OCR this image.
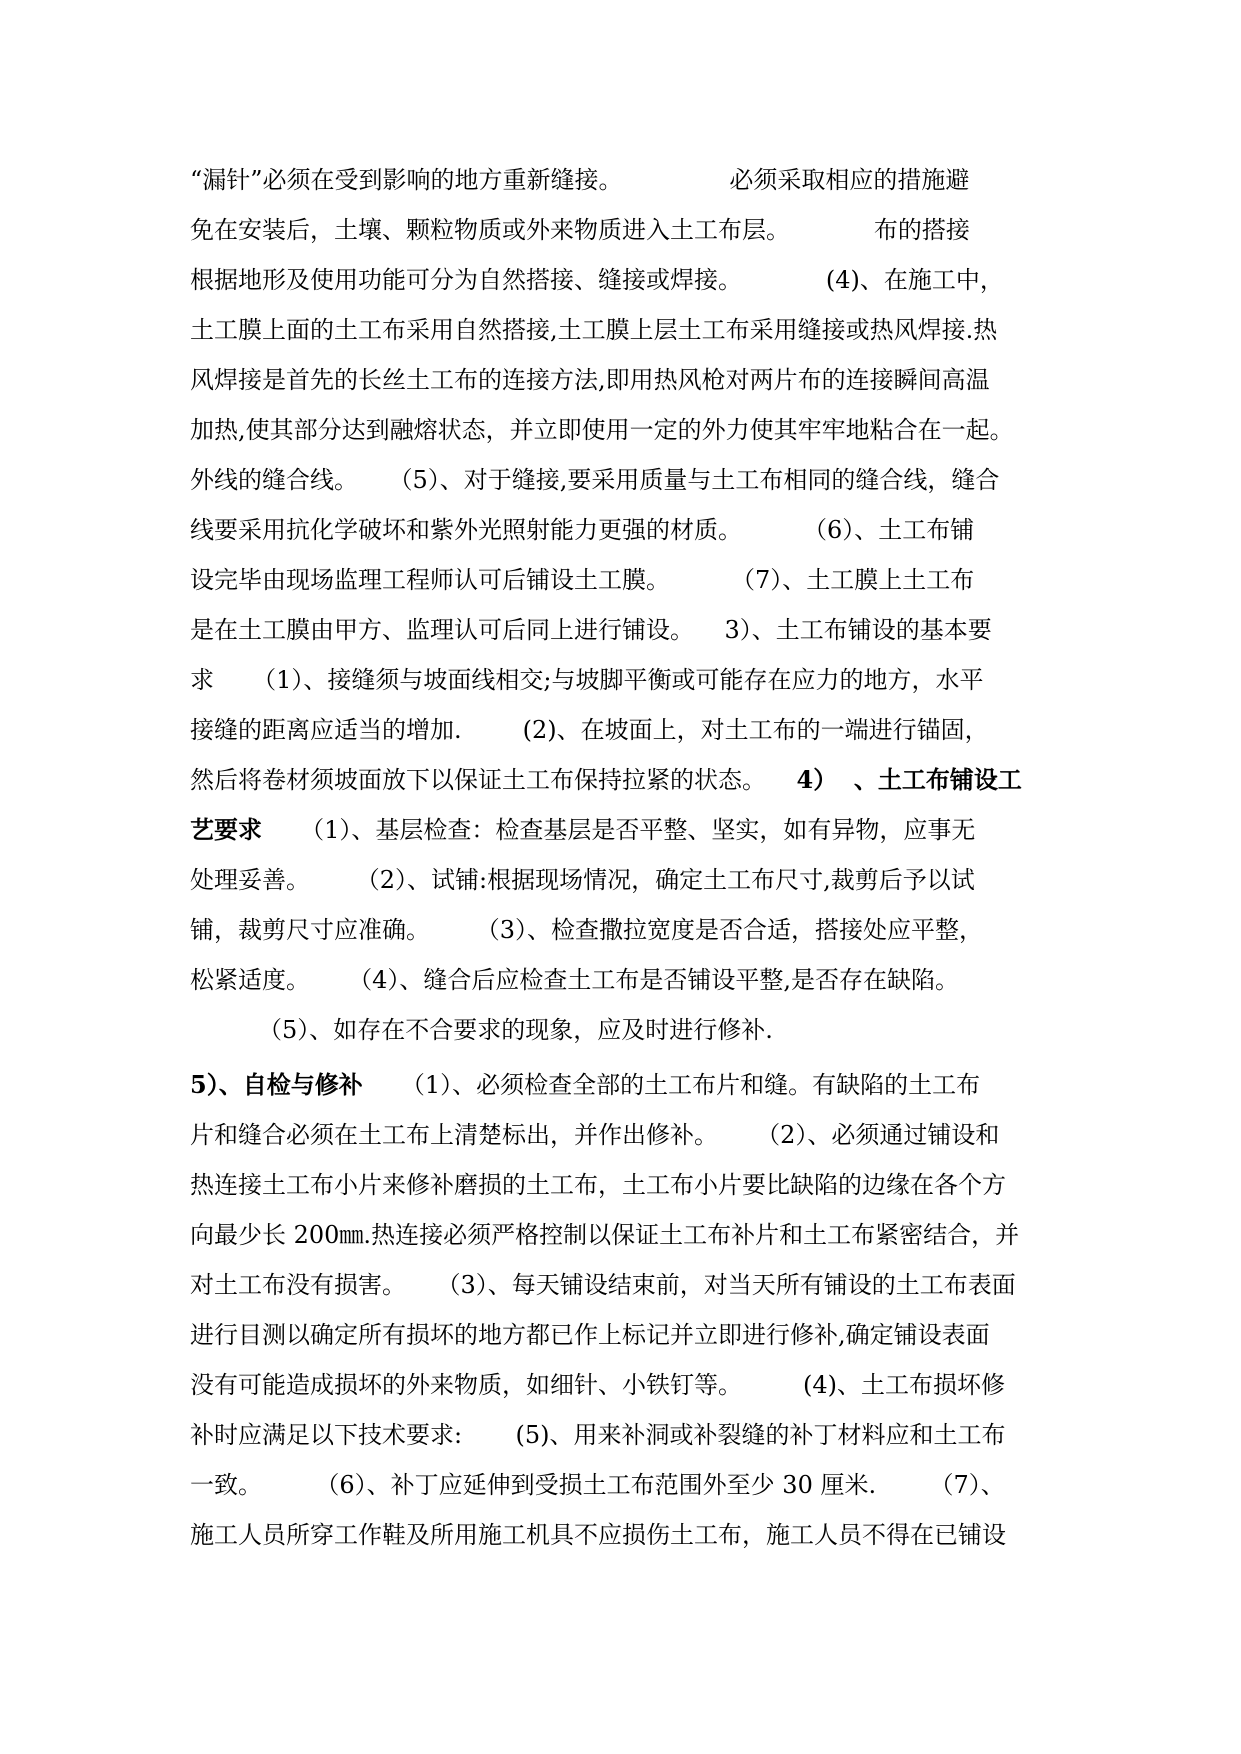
“漏针”必须在受到影响的地方重新缝接。              必须采取相应的措施避
免在安装后，土壤、颗粒物质或外来物质进入土工布层。           布的搭接
根据地形及使用功能可分为自然搭接、缝接或焊接。           (4)、在施工中，
土工膜上面的土工布采用自然搭接,土工膜上层土工布采用缝接或热风焊接.热
风焊接是首先的长丝土工布的连接方法,即用热风枪对两片布的连接瞬间高温
加热,使其部分达到融熔状态，并立即使用一定的外力使其牢牢地粘合在一起。
外线的缝合线。    （5）、对于缝接,要采用质量与土工布相同的缝合线，缝合
线要采用抗化学破坏和紫外光照射能力更强的材质。        （6）、土工布铺
设完毕由现场监理工程师认可后铺设土工膜。        （7）、土工膜上土工布
是在土工膜由甲方、监理认可后同上进行铺设。    3）、土工布铺设的基本要
求     （1）、接缝须与坡面线相交;与坡脚平衡或可能存在应力的地方，水平
接缝的距离应适当的增加.        (2)、在坡面上，对土工布的一端进行锚固，
然后将卷材须坡面放下以保证土工布保持拉紧的状态。    4）  、土工布铺设工
艺要求     （1）、基层检查：检查基层是否平整、坚实，如有异物，应事无
处理妥善。      （2）、试铺:根据现场情况，确定土工布尺寸,裁剪后予以试
铺，裁剪尺寸应准确。      （3）、检查撒拉宽度是否合适，搭接处应平整，
松紧适度。     （4）、缝合后应检查土工布是否铺设平整,是否存在缺陷。
（5）、如存在不合要求的现象，应及时进行修补.
5）、自检与修补     （1）、必须检查全部的土工布片和缝。有缺陷的土工布
片和缝合必须在土工布上清楚标出，并作出修补。     （2）、必须通过铺设和
热连接土工布小片来修补磨损的土工布，土工布小片要比缺陷的边缘在各个方
向最少长 200㎜.热连接必须严格控制以保证土工布补片和土工布紧密结合，并
对土工布没有损害。    （3）、每天铺设结束前，对当天所有铺设的土工布表面
进行目测以确定所有损坏的地方都已作上标记并立即进行修补,确定铺设表面
没有可能造成损坏的外来物质，如细针、小铁钉等。        (4)、土工布损坏修
补时应满足以下技术要求:       (5)、用来补洞或补裂缝的补丁材料应和土工布
一致。       （6）、补丁应延伸到受损土工布范围外至少 30 厘米.       （7）、
施工人员所穿工作鞋及所用施工机具不应损伤土工布，施工人员不得在已铺设
